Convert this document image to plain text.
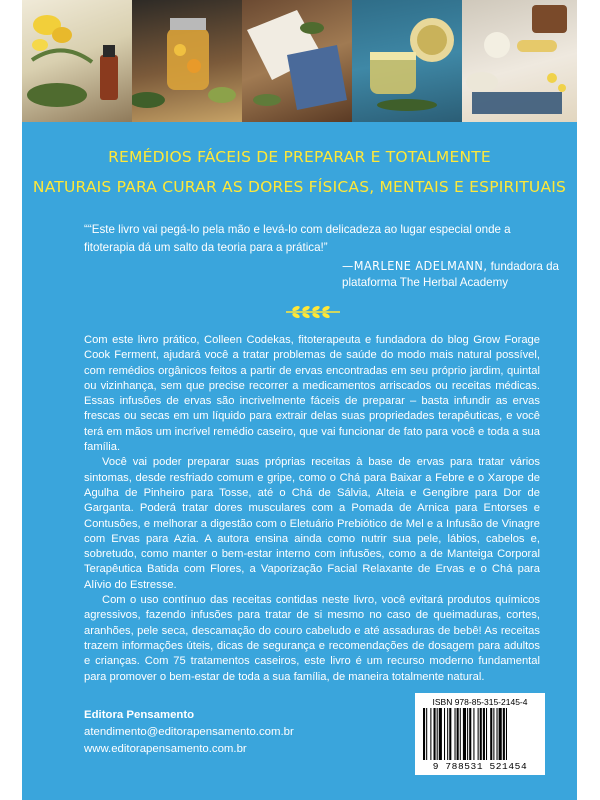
REMÉDIOS FÁCEIS DE PREPARAR E TOTALMENTE
NATURAIS PARA CURAR AS DORES FÍSICAS, MENTAIS E ESPIRITUAIS
““Este livro vai pegá-lo pela mão e levá-lo com delicadeza ao lugar especial onde a fitoterapia dá um salto da teoria para a prática!”
—MARLENE ADELMANN, fundadora da
plataforma The Herbal Academy

Com este livro prático, Colleen Codekas, fitoterapeuta e fundadora do blog Grow Forage Cook Ferment, ajudará você a tratar problemas de saúde do modo mais natural possível, com remédios orgânicos feitos a partir de ervas encontradas em seu próprio jardim, quintal ou vizinhança, sem que precise recorrer a medicamentos arriscados ou receitas médicas. Essas infusões de ervas são incrivelmente fáceis de preparar – basta infundir as ervas frescas ou secas em um líquido para extrair delas suas propriedades terapêuticas, e você terá em mãos um incrível remédio caseiro, que vai funcionar de fato para você e toda a sua família.

Você vai poder preparar suas próprias receitas à base de ervas para tratar vários sintomas, desde resfriado comum e gripe, como o Chá para Baixar a Febre e o Xarope de Agulha de Pinheiro para Tosse, até o Chá de Sálvia, Alteia e Gengibre para Dor de Garganta. Poderá tratar dores musculares com a Pomada de Arnica para Entorses e Contusões, e melhorar a digestão com o Eletuário Prebiótico de Mel e a Infusão de Vinagre com Ervas para Azia. A autora ensina ainda como nutrir sua pele, lábios, cabelos e, sobretudo, como manter o bem-estar interno com infusões, como a de Manteiga Corporal Terapêutica Batida com Flores, a Vaporização Facial Relaxante de Ervas e o Chá para Alívio do Estresse.

Com o uso contínuo das receitas contidas neste livro, você evitará produtos químicos agressivos, fazendo infusões para tratar de si mesmo no caso de queimaduras, cortes, aranhões, pele seca, descamação do couro cabeludo e até assaduras de bebê! As receitas trazem informações úteis, dicas de segurança e recomendações de dosagem para adultos e crianças. Com 75 tratamentos caseiros, este livro é um recurso moderno fundamental para promover o bem-estar de toda a sua família, de maneira totalmente natural.

Editora Pensamento
atendimento@editorapensamento.com.br
www.editorapensamento.com.br
ISBN 978-85-315-2145-4
9 788531 521454
